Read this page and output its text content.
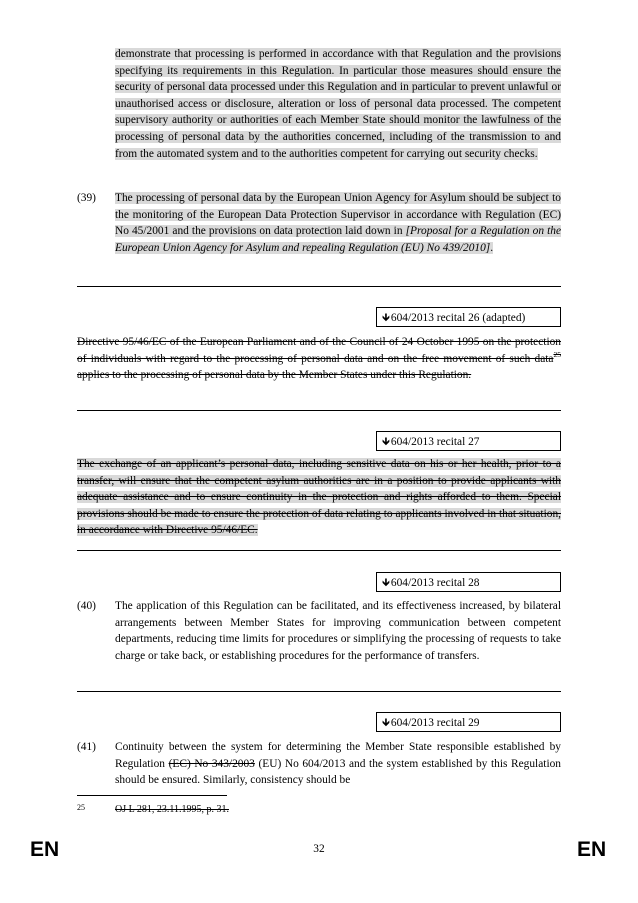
demonstrate that processing is performed in accordance with that Regulation and the provisions specifying its requirements in this Regulation. In particular those measures should ensure the security of personal data processed under this Regulation and in particular to prevent unlawful or unauthorised access or disclosure, alteration or loss of personal data processed. The competent supervisory authority or authorities of each Member State should monitor the lawfulness of the processing of personal data by the authorities concerned, including of the transmission to and from the automated system and to the authorities competent for carrying out security checks.
(39) The processing of personal data by the European Union Agency for Asylum should be subject to the monitoring of the European Data Protection Supervisor in accordance with Regulation (EC) No 45/2001 and the provisions on data protection laid down in [Proposal for a Regulation on the European Union Agency for Asylum and repealing Regulation (EU) No 439/2010].
🡻604/2013 recital 26 (adapted)
Directive 95/46/EC of the European Parliament and of the Council of 24 October 1995 on the protection of individuals with regard to the processing of personal data and on the free movement of such data$^{25}$ applies to the processing of personal data by the Member States under this Regulation.
🡻604/2013 recital 27
The exchange of an applicant’s personal data, including sensitive data on his or her health, prior to a transfer, will ensure that the competent asylum authorities are in a position to provide applicants with adequate assistance and to ensure continuity in the protection and rights afforded to them. Special provisions should be made to ensure the protection of data relating to applicants involved in that situation, in accordance with Directive 95/46/EC.
🡻604/2013 recital 28
(40) The application of this Regulation can be facilitated, and its effectiveness increased, by bilateral arrangements between Member States for improving communication between competent departments, reducing time limits for procedures or simplifying the processing of requests to take charge or take back, or establishing procedures for the performance of transfers.
🡻604/2013 recital 29
(41) Continuity between the system for determining the Member State responsible established by Regulation (EC) No 343/2003 (EU) No 604/2013 and the system established by this Regulation should be ensured. Similarly, consistency should be
25	OJ L 281, 23.11.1995, p. 31.
EN	32	EN
